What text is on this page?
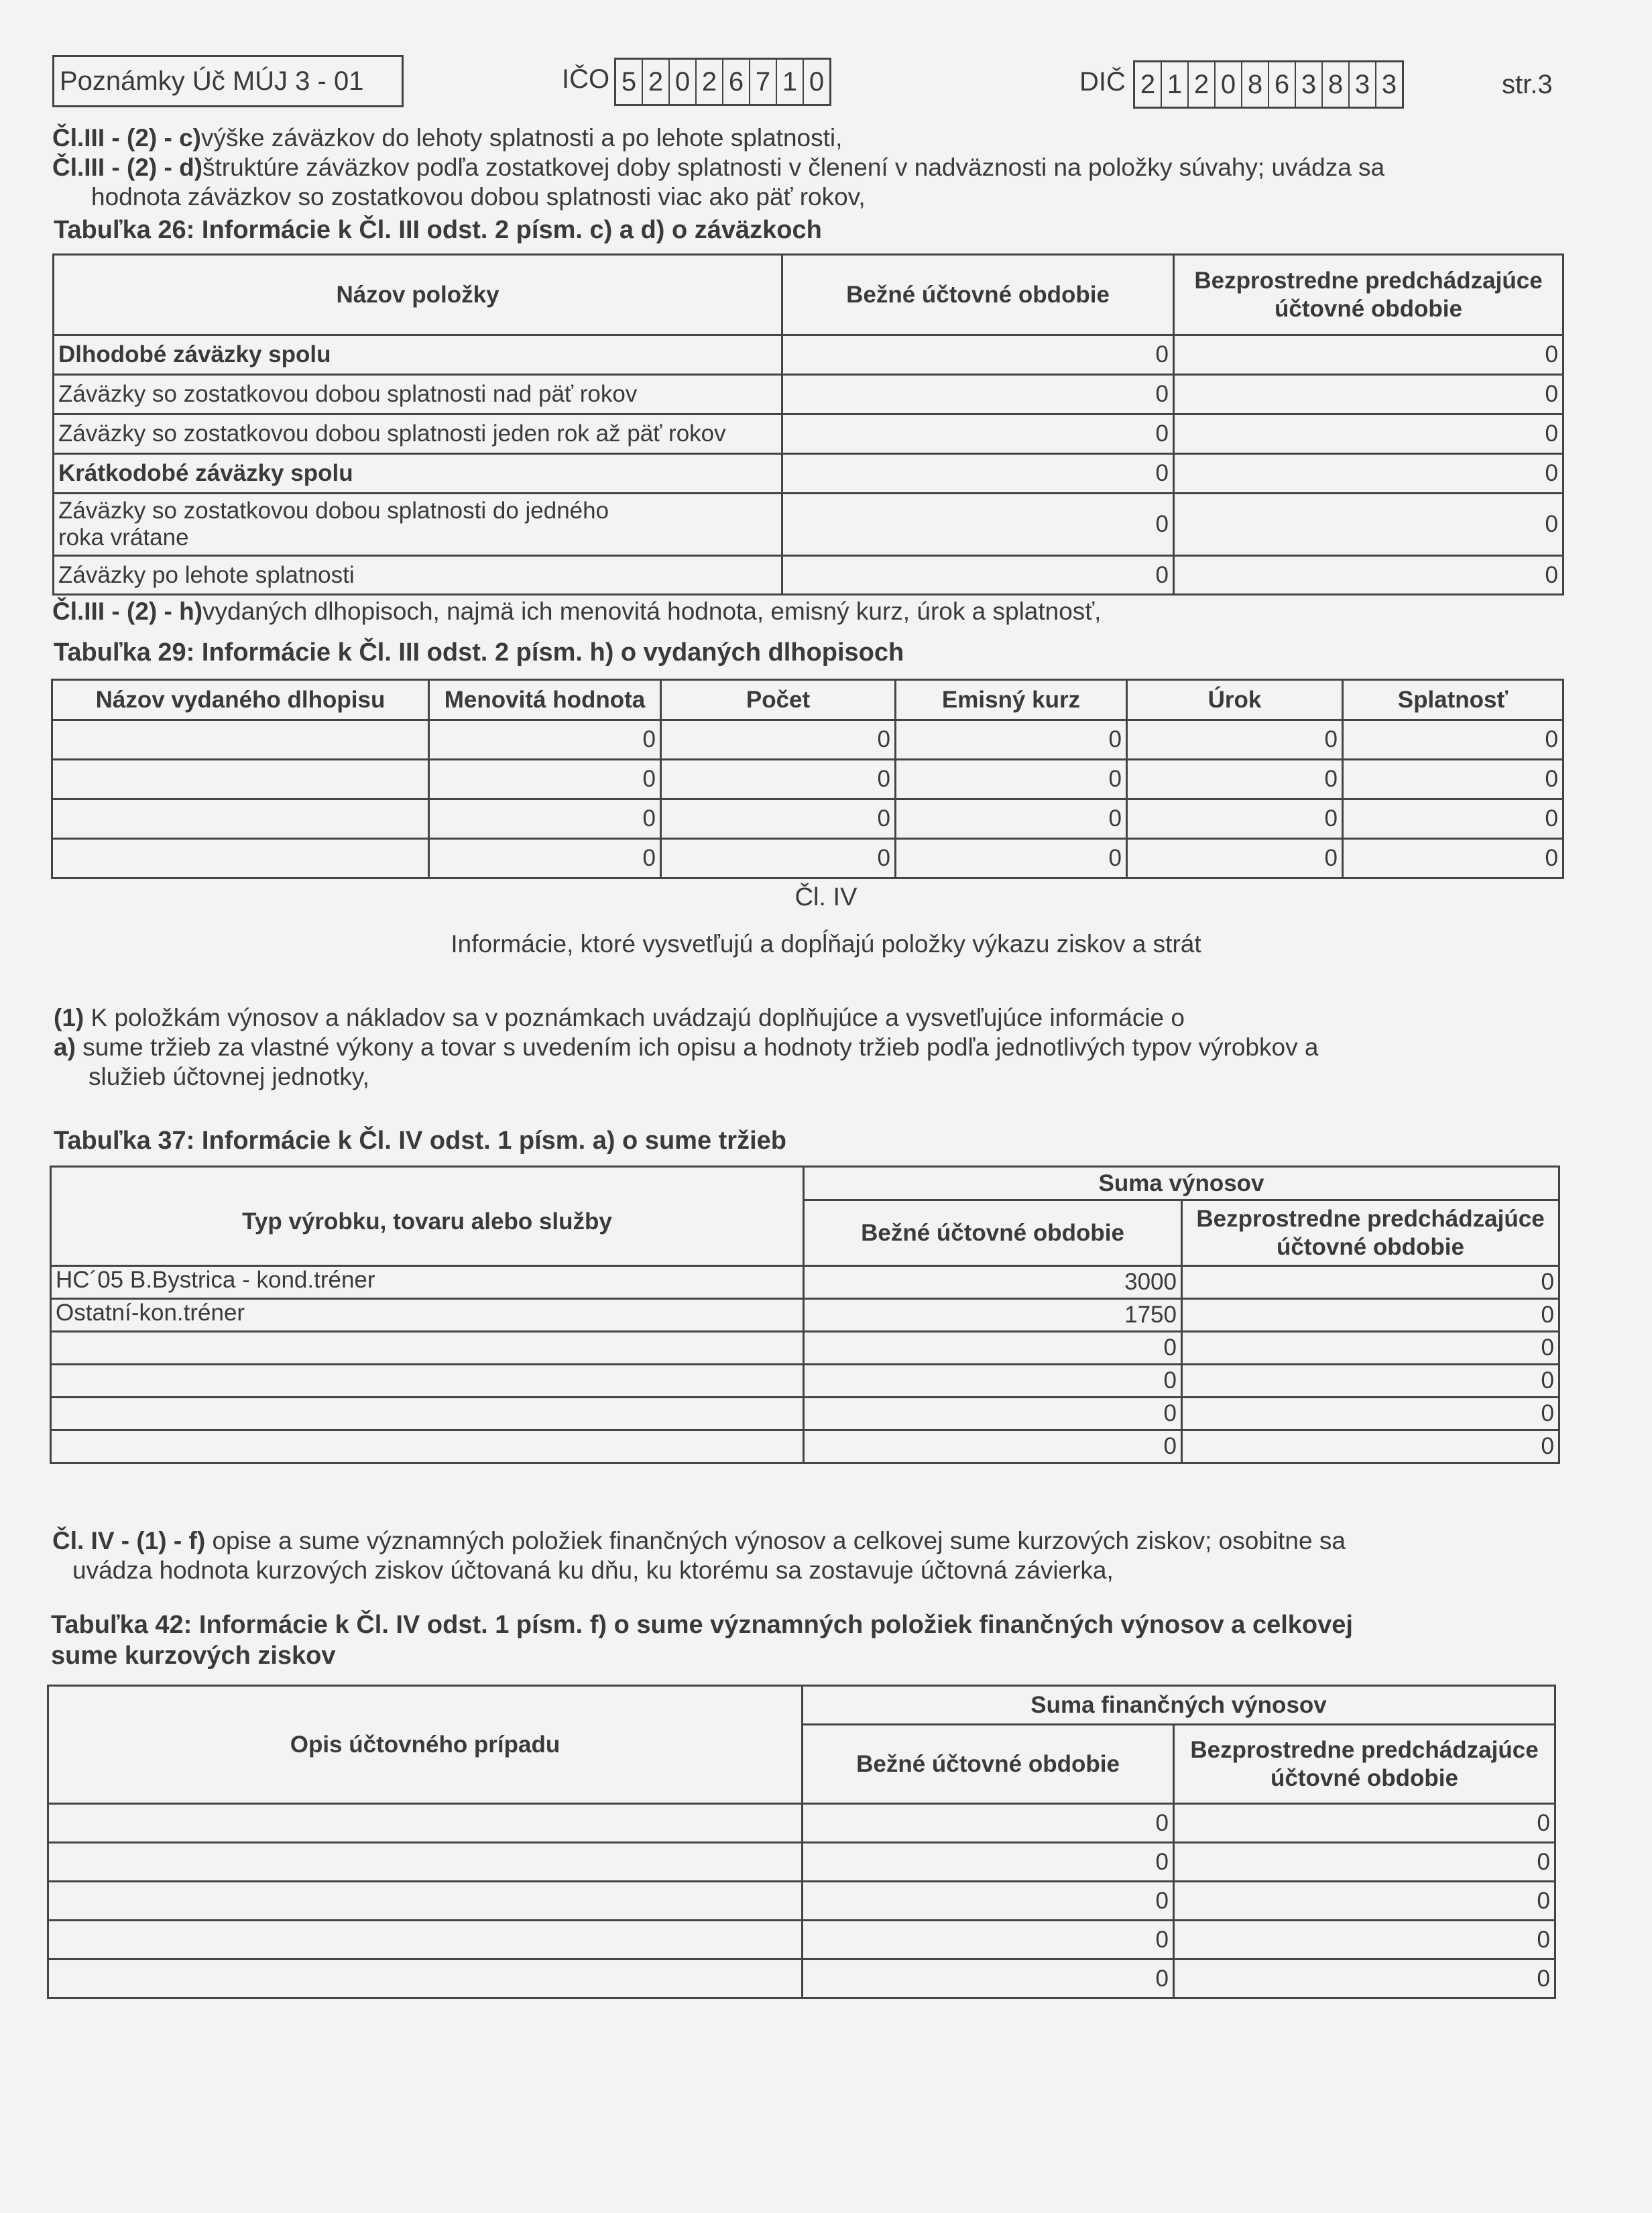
Poznámky Úč MÚJ 3 - 01	IČO 5 2 0 2 6 7 1 0	DIČ 2 1 2 0 8 6 3 8 3 3	str.3
Čl.III - (2) - c)výške záväzkov do lehoty splatnosti a po lehote splatnosti,
Čl.III - (2) - d)štruktúre záväzkov podľa zostatkovej doby splatnosti v členení v nadväznosti na položky súvahy; uvádza sa
hodnota záväzkov so zostatkovou dobou splatnosti viac ako päť rokov,
Tabuľka 26: Informácie k Čl. III odst. 2 písm. c) a d) o záväzkoch
Názov položky	Bežné účtovné obdobie	Bezprostredne predchádzajúce účtovné obdobie
Dlhodobé záväzky spolu	0	0
Záväzky so zostatkovou dobou splatnosti nad päť rokov	0	0
Záväzky so zostatkovou dobou splatnosti jeden rok až päť rokov	0	0
Krátkodobé záväzky spolu	0	0
Záväzky so zostatkovou dobou splatnosti do jedného roka vrátane	0	0
Záväzky po lehote splatnosti	0	0
Čl.III - (2) - h)vydaných dlhopisoch, najmä ich menovitá hodnota, emisný kurz, úrok a splatnosť,
Tabuľka 29: Informácie k Čl. III odst. 2 písm. h) o vydaných dlhopisoch
Názov vydaného dlhopisu	Menovitá hodnota	Počet	Emisný kurz	Úrok	Splatnosť
	0	0	0	0	0
	0	0	0	0	0
	0	0	0	0	0
	0	0	0	0	0
Čl. IV
Informácie, ktoré vysvetľujú a dopĺňajú položky výkazu ziskov a strát
(1) K položkám výnosov a nákladov sa v poznámkach uvádzajú doplňujúce a vysvetľujúce informácie o
a) sume tržieb za vlastné výkony a tovar s uvedením ich opisu a hodnoty tržieb podľa jednotlivých typov výrobkov a
služieb účtovnej jednotky,
Tabuľka 37: Informácie k Čl. IV odst. 1 písm. a) o sume tržieb
Typ výrobku, tovaru alebo služby	Suma výnosov	
	Bežné účtovné obdobie	Bezprostredne predchádzajúce účtovné obdobie
HC´05 B.Bystrica - kond.tréner	3000	0
Ostatní-kon.tréner	1750	0
	0	0
	0	0
	0	0
	0	0
Čl. IV - (1) - f) opise a sume významných položiek finančných výnosov a celkovej sume kurzových ziskov; osobitne sa
uvádza hodnota kurzových ziskov účtovaná ku dňu, ku ktorému sa zostavuje účtovná závierka,
Tabuľka 42: Informácie k Čl. IV odst. 1 písm. f) o sume významných položiek finančných výnosov a celkovej
sume kurzových ziskov
Opis účtovného prípadu	Suma finančných výnosov	
	Bežné účtovné obdobie	Bezprostredne predchádzajúce účtovné obdobie
	0	0
	0	0
	0	0
	0	0
	0	0
